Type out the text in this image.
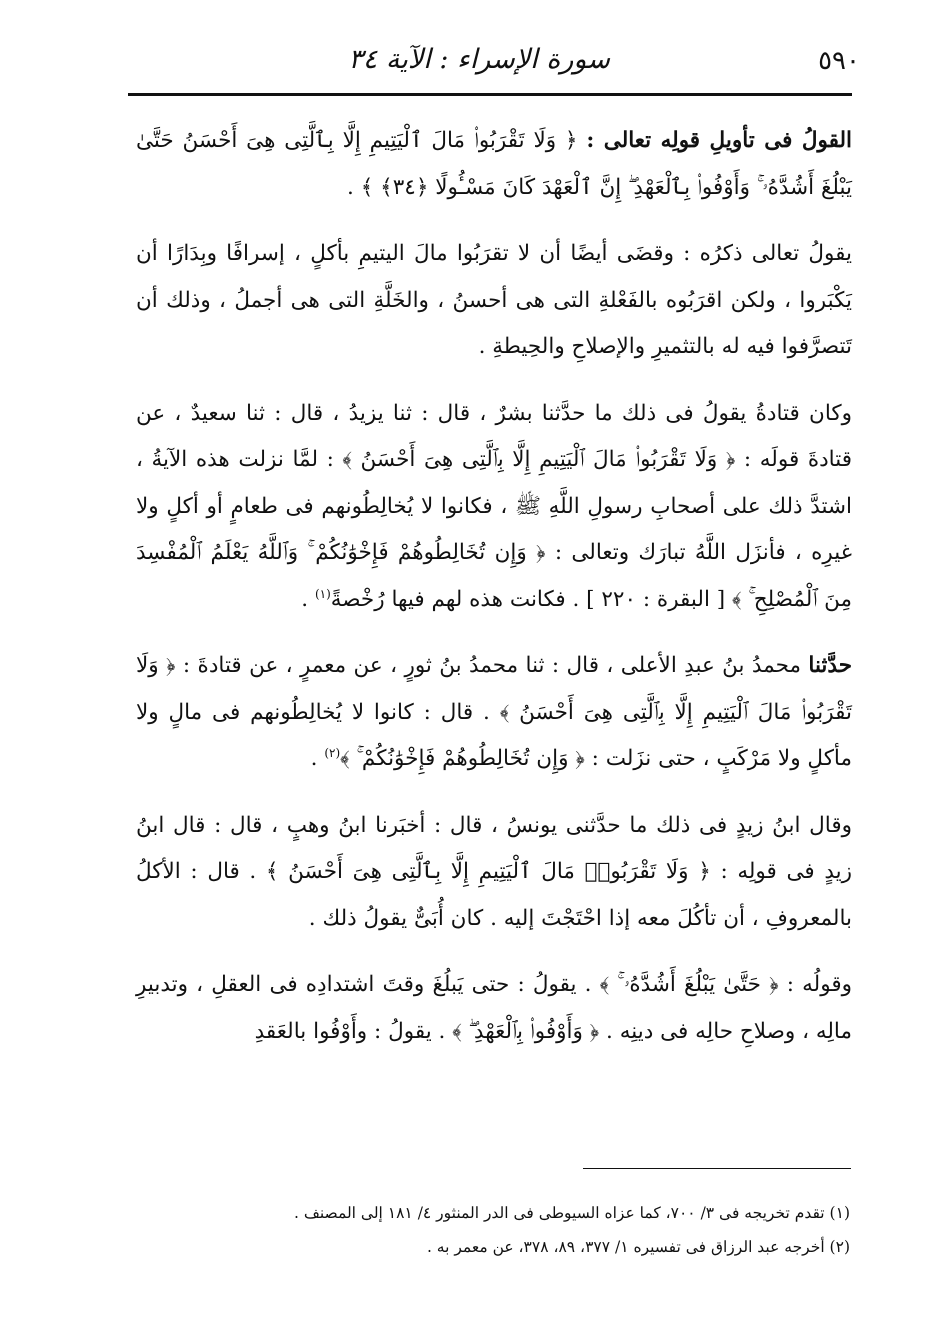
٥٩٠
سورة الإسراء : الآية ٣٤

القولُ فى تأويلِ قولِه تعالى : ﴿ وَلَا تَقْرَبُوا۟ مَالَ ٱلْيَتِيمِ إِلَّا بِٱلَّتِى هِىَ أَحْسَنُ حَتَّىٰ يَبْلُغَ أَشُدَّهُۥ ۚ وَأَوْفُوا۟ بِٱلْعَهْدِ ۖ إِنَّ ٱلْعَهْدَ كَانَ مَسْـُٔولًا ﴿٣٤﴾ ﴾ .

يقولُ تعالى ذكرُه : وقضَى أيضًا أن لا تقرَبُوا مالَ اليتيمِ بأكلٍ ، إسرافًا وبِدَارًا أن يَكْبَروا ، ولكن اقرَبُوه بالفَعْلةِ التى هى أحسنُ ، والخَلَّةِ التى هى أجملُ ، وذلك أن تَتصرَّفوا فيه له بالتثميرِ والإصلاحِ والحِيطةِ .

وكان قتادةُ يقولُ فى ذلك ما حدَّثنا بشرٌ ، قال : ثنا يزيدُ ، قال : ثنا سعيدٌ ، عن قتادةَ قولَه : ﴿ وَلَا تَقْرَبُوا۟ مَالَ ٱلْيَتِيمِ إِلَّا بِٱلَّتِى هِىَ أَحْسَنُ ﴾ : لمَّا نزلت هذه الآيةُ ، اشتدَّ ذلك على أصحابِ رسولِ اللَّهِ ﷺ ، فكانوا لا يُخالِطُونهم فى طعامٍ أو أكلٍ ولا غيرِه ، فأنزَل اللَّهُ تبارَك وتعالى : ﴿ وَإِن تُخَالِطُوهُمْ فَإِخْوَٰنُكُمْ ۚ وَٱللَّهُ يَعْلَمُ ٱلْمُفْسِدَ مِنَ ٱلْمُصْلِحِ ۚ ﴾ [ البقرة : ٢٢٠ ] . فكانت هذه لهم فيها رُخْصةً$^{(١)}$ .

حدَّثنا محمدُ بنُ عبدِ الأعلى ، قال : ثنا محمدُ بنُ ثورٍ ، عن معمرٍ ، عن قتادةَ : ﴿ وَلَا تَقْرَبُوا۟ مَالَ ٱلْيَتِيمِ إِلَّا بِٱلَّتِى هِىَ أَحْسَنُ ﴾ . قال : كانوا لا يُخالِطُونهم فى مالٍ ولا مأكلٍ ولا مَرْكَبٍ ، حتى نزَلت : ﴿ وَإِن تُخَالِطُوهُمْ فَإِخْوَٰنُكُمْ ۚ ﴾$^{(٢)}$ .

وقال ابنُ زيدٍ فى ذلك ما حدَّثنى يونسُ ، قال : أخبَرنا ابنُ وهبٍ ، قال : قال ابنُ زيدٍ فى قولِه : ﴿ وَلَا تَقْرَبُوا۟ مَالَ ٱلْيَتِيمِ إِلَّا بِٱلَّتِى هِىَ أَحْسَنُ ﴾ . قال : الأكلُ بالمعروفِ ، أن تأكُلَ معه إذا احْتَجْتَ إليه . كان أُبَىٌّ يقولُ ذلك .

وقولُه : ﴿ حَتَّىٰ يَبْلُغَ أَشُدَّهُۥ ۚ ﴾ . يقولُ : حتى يَبلُغَ وقتَ اشتدادِه فى العقلِ ، وتدبيرِ مالِه ، وصلاحِ حالِه فى دينِه . ﴿ وَأَوْفُوا۟ بِٱلْعَهْدِ ۖ ﴾ . يقولُ : وأَوْفُوا بالعَقدِ

(١) تقدم تخريجه فى ٣/ ٧٠٠، كما عزاه السيوطى فى الدر المنثور ٤/ ١٨١ إلى المصنف .

(٢) أخرجه عبد الرزاق فى تفسيره ١/ ٣٧٧، ٨٩، ٣٧٨، عن معمر به .
